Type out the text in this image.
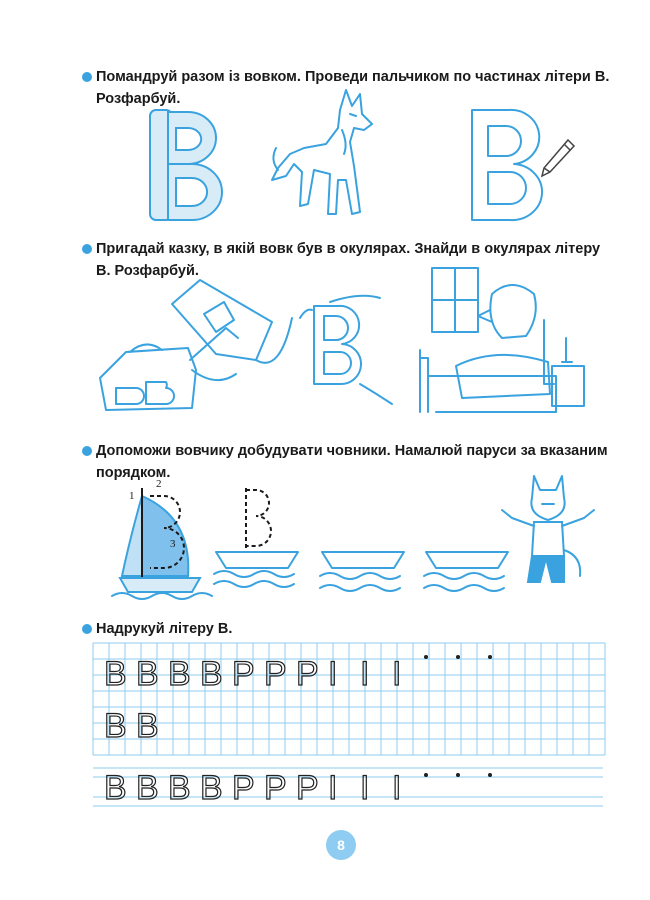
Помандруй разом із вовком. Проведи пальчиком по частинах літери В. Розфарбуй.
Пригадай казку, в якій вовк був в окулярах. Знайди в окулярах літеру В. Розфарбуй.
Допоможи вовчику добудувати човники. Намалюй паруси за вказаним порядком.
1
2
3
Надрукуй літеру В.
B B B B P P P I I I
B B
B B B B P P P I I I
8
